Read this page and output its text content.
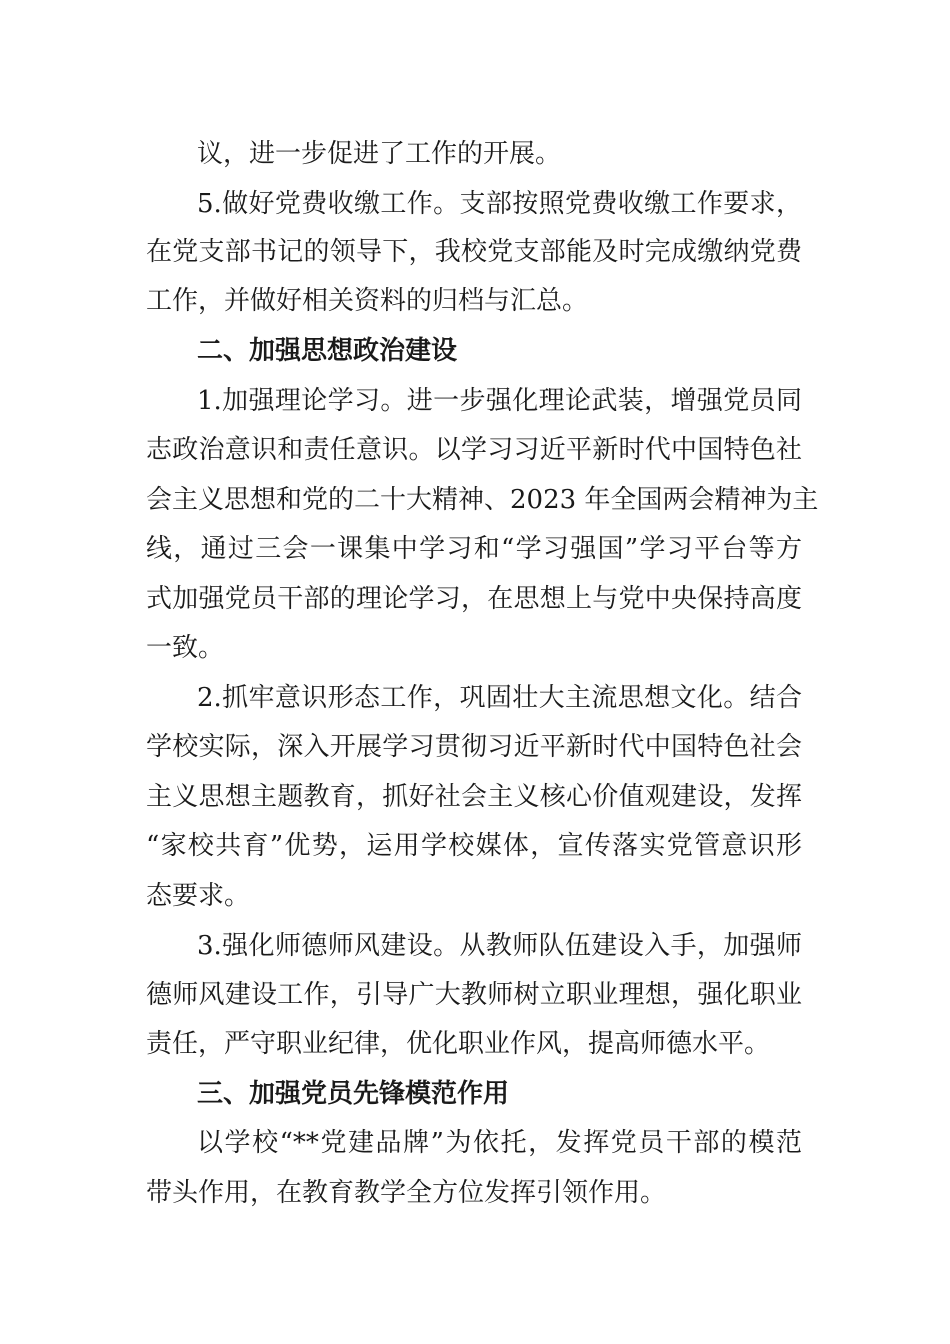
议，进一步促进了工作的开展。

5.做好党费收缴工作。支部按照党费收缴工作要求，

在党支部书记的领导下，我校党支部能及时完成缴纳党费

工作，并做好相关资料的归档与汇总。

二、加强思想政治建设

1.加强理论学习。进一步强化理论武装，增强党员同

志政治意识和责任意识。以学习习近平新时代中国特色社

会主义思想和党的二十大精神、2023 年全国两会精神为主

线，通过三会一课集中学习和“学习强国”学习平台等方

式加强党员干部的理论学习，在思想上与党中央保持高度

一致。

2.抓牢意识形态工作，巩固壮大主流思想文化。结合

学校实际，深入开展学习贯彻习近平新时代中国特色社会

主义思想主题教育，抓好社会主义核心价值观建设，发挥

“家校共育”优势，运用学校媒体，宣传落实党管意识形

态要求。

3.强化师德师风建设。从教师队伍建设入手，加强师

德师风建设工作，引导广大教师树立职业理想，强化职业

责任，严守职业纪律，优化职业作风，提高师德水平。

三、加强党员先锋模范作用

以学校“**党建品牌”为依托，发挥党员干部的模范

带头作用，在教育教学全方位发挥引领作用。
